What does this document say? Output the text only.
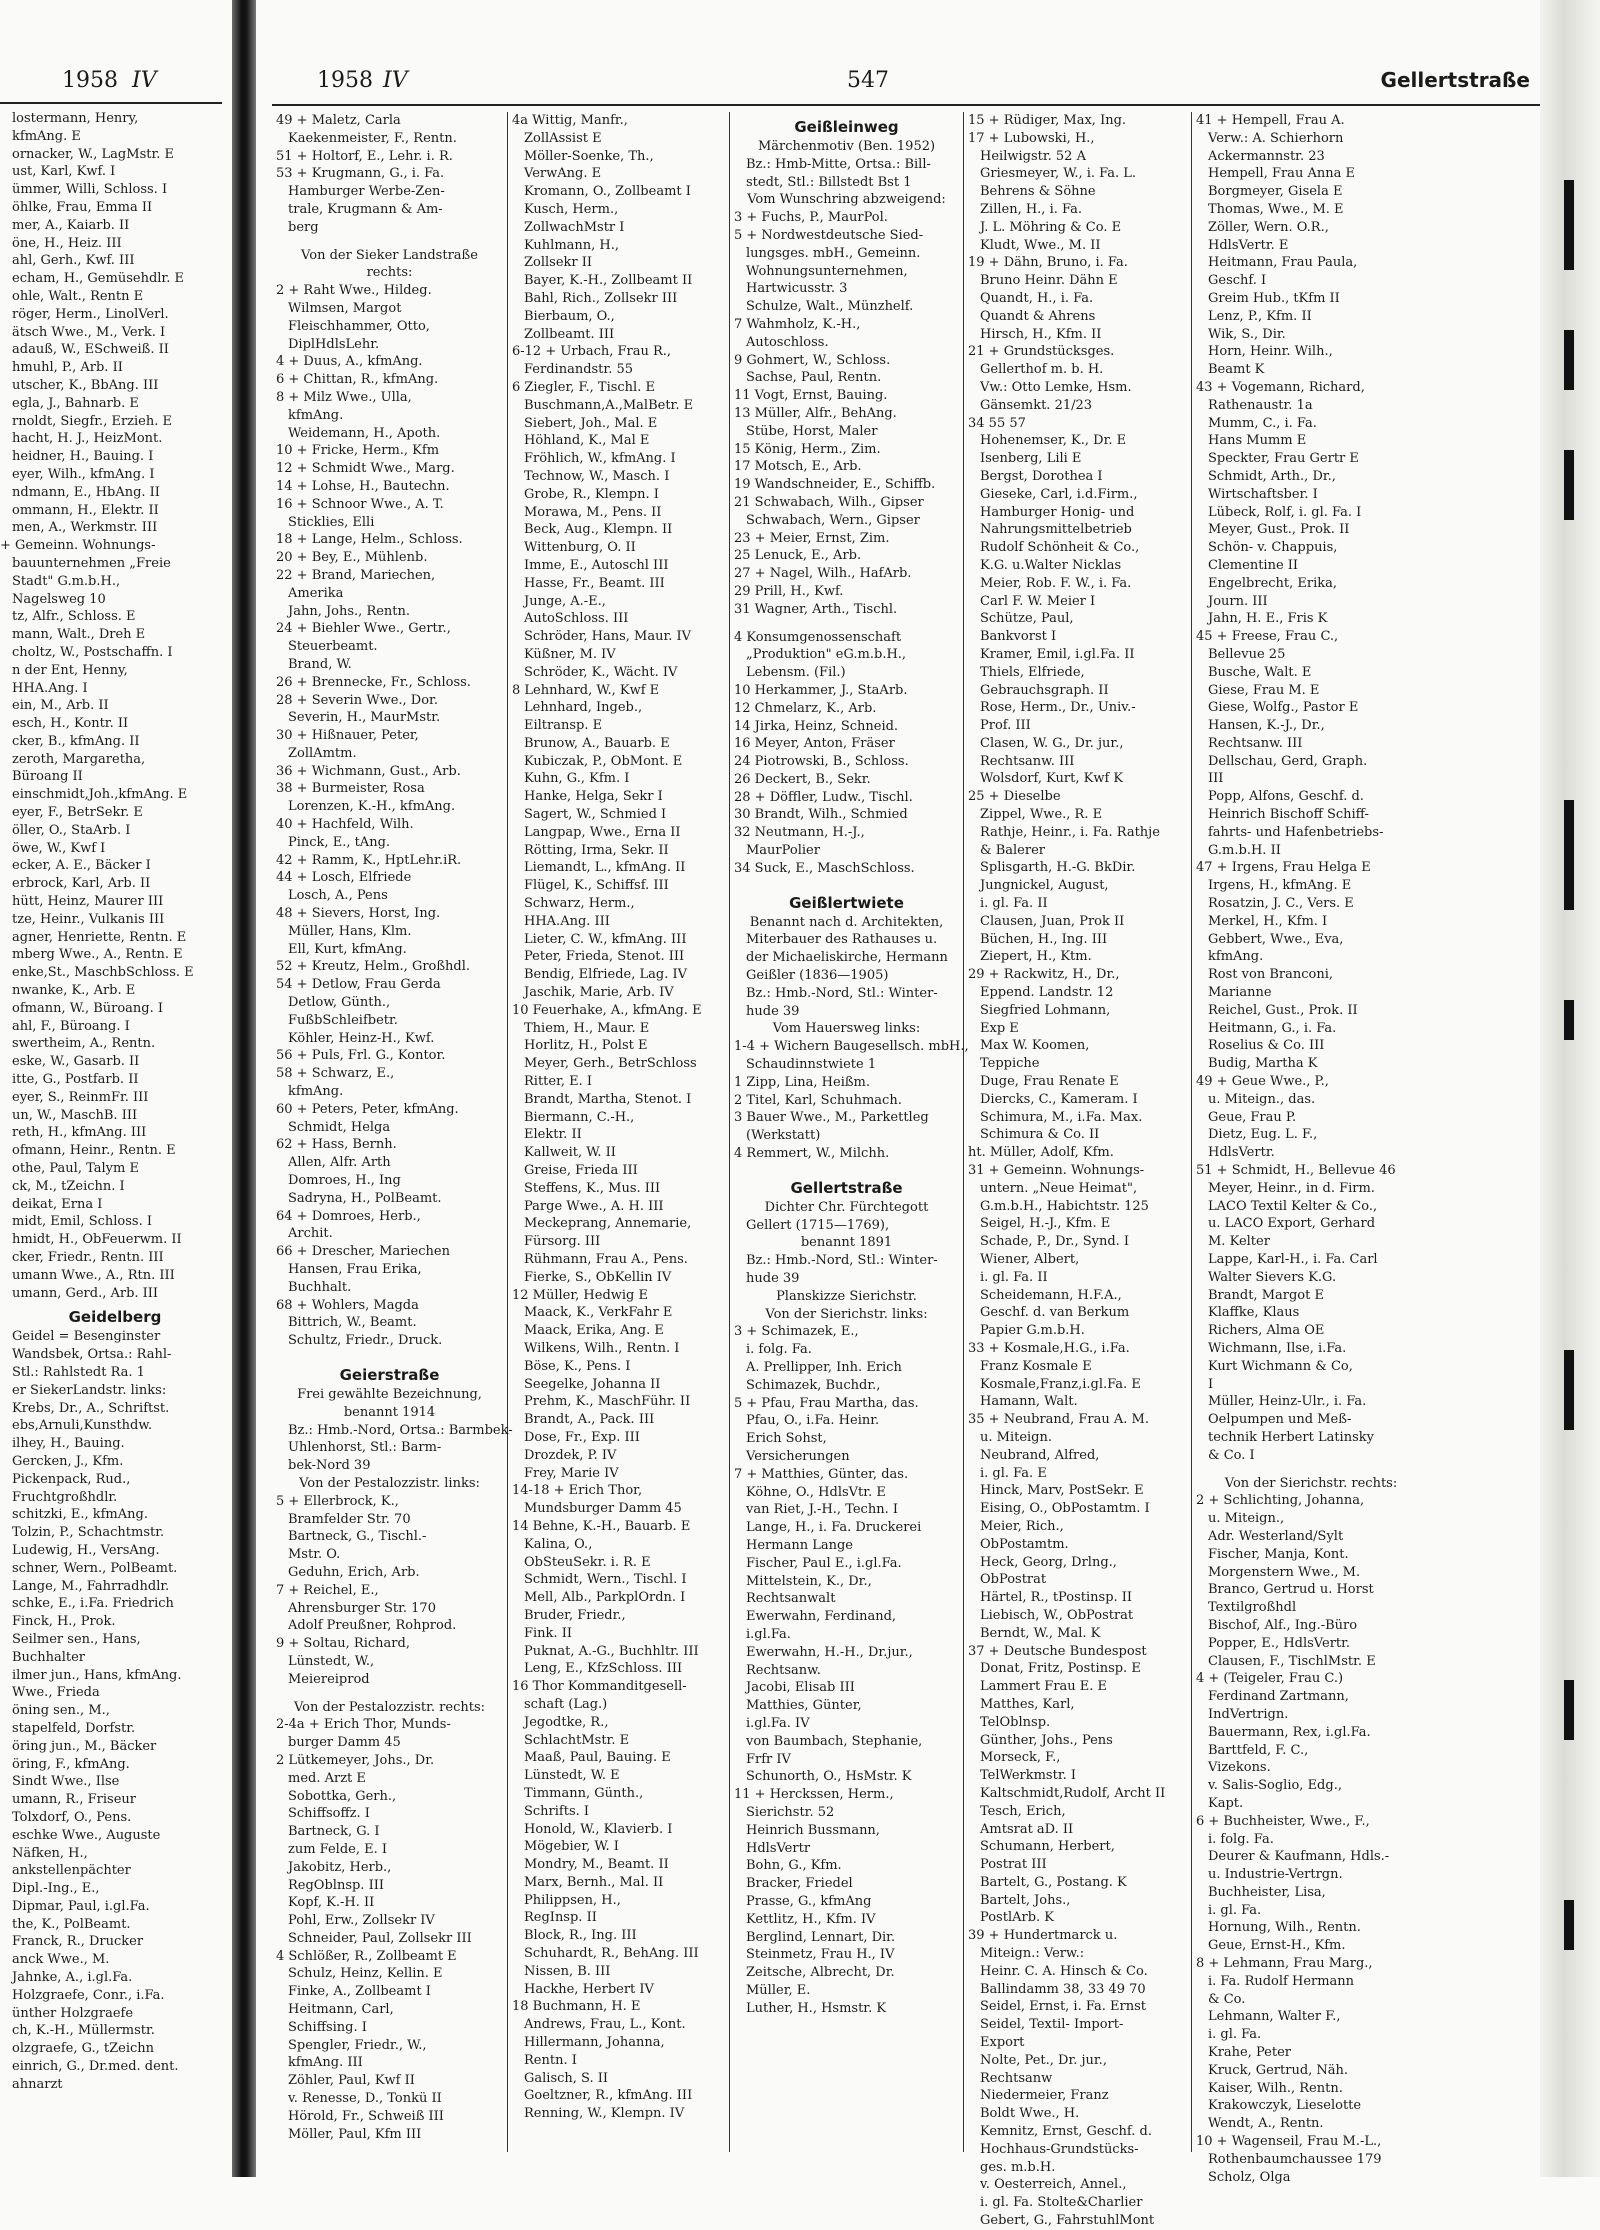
1958 IV
lostermann, Henry,
kfmAng. E
ornacker, W., LagMstr. E
ust, Karl, Kwf. I
ümmer, Willi, Schloss. I
öhlke, Frau, Emma II
mer, A., Kaiarb. II
öne, H., Heiz. III
ahl, Gerh., Kwf. III
echam, H., Gemüsehdlr. E
ohle, Walt., Rentn E
röger, Herm., LinolVerl.
ätsch Wwe., M., Verk. I
adauß, W., ESchweiß. II
hmuhl, P., Arb. II
utscher, K., BbAng. III
egla, J., Bahnarb. E
rnoldt, Siegfr., Erzieh. E
hacht, H. J., HeizMont.
heidner, H., Bauing. I
eyer, Wilh., kfmAng. I
ndmann, E., HbAng. II
ommann, H., Elektr. II
men, A., Werkmstr. III
+ Gemeinn. Wohnungs-
bauunternehmen „Freie
Stadt" G.m.b.H.,
Nagelsweg 10
tz, Alfr., Schloss. E
mann, Walt., Dreh E
choltz, W., Postschaffn. I
n der Ent, Henny,
HHA.Ang. I
ein, M., Arb. II
esch, H., Kontr. II
cker, B., kfmAng. II
zeroth, Margaretha,
Büroang II
einschmidt,Joh.,kfmAng. E
eyer, F., BetrSekr. E
öller, O., StaArb. I
öwe, W., Kwf I
ecker, A. E., Bäcker I
erbrock, Karl, Arb. II
hütt, Heinz, Maurer III
tze, Heinr., Vulkanis III
agner, Henriette, Rentn. E
mberg Wwe., A., Rentn. E
enke,St., MaschbSchloss. E
nwanke, K., Arb. E
ofmann, W., Büroang. I
ahl, F., Büroang. I
swertheim, A., Rentn.
eske, W., Gasarb. II
itte, G., Postfarb. II
eyer, S., ReinmFr. III
un, W., MaschB. III
reth, H., kfmAng. III
ofmann, Heinr., Rentn. E
othe, Paul, Talym E
ck, M., tZeichn. I
deikat, Erna I
midt, Emil, Schloss. I
hmidt, H., ObFeuerwm. II
cker, Friedr., Rentn. III
umann Wwe., A., Rtn. III
umann, Gerd., Arb. III
Geidelberg
Geidel = Besenginster
Wandsbek, Ortsa.: Rahl-
Stl.: Rahlstedt Ra. 1
er SiekerLandstr. links:
Krebs, Dr., A., Schriftst.
ebs,Arnuli,Kunsthdw.
ilhey, H., Bauing.
Gercken, J., Kfm.
Pickenpack, Rud.,
Fruchtgroßhdlr.
schitzki, E., kfmAng.
Tolzin, P., Schachtmstr.
Ludewig, H., VersAng.
schner, Wern., PolBeamt.
Lange, M., Fahrradhdlr.
schke, E., i.Fa. Friedrich
Finck, H., Prok.
Seilmer sen., Hans,
Buchhalter
ilmer jun., Hans, kfmAng.
Wwe., Frieda
öning sen., M.,
stapelfeld, Dorfstr.
öring jun., M., Bäcker
öring, F., kfmAng.
Sindt Wwe., Ilse
umann, R., Friseur
Tolxdorf, O., Pens.
eschke Wwe., Auguste
Näfken, H.,
ankstellenpächter
Dipl.-Ing., E.,
Dipmar, Paul, i.gl.Fa.
the, K., PolBeamt.
Franck, R., Drucker
anck Wwe., M.
Jahnke, A., i.gl.Fa.
Holzgraefe, Conr., i.Fa.
ünther Holzgraefe
ch, K.-H., Müllermstr.
olzgraefe, G., tZeichn
einrich, G., Dr.med. dent.
ahnarzt
1958 IV	547	Gellertstraße
49 + Maletz, Carla
Kaekenmeister, F., Rentn.
51 + Holtorf, E., Lehr. i. R.
53 + Krugmann, G., i. Fa.
Hamburger Werbe-Zen-
trale, Krugmann & Am-
berg
Von der Sieker Landstraße
rechts:
2 + Raht Wwe., Hildeg.
Wilmsen, Margot
Fleischhammer, Otto,
DiplHdlsLehr.
4 + Duus, A., kfmAng.
6 + Chittan, R., kfmAng.
8 + Milz Wwe., Ulla,
kfmAng.
Weidemann, H., Apoth.
10 + Fricke, Herm., Kfm
12 + Schmidt Wwe., Marg.
14 + Lohse, H., Bautechn.
16 + Schnoor Wwe., A. T.
Sticklies, Elli
18 + Lange, Helm., Schloss.
20 + Bey, E., Mühlenb.
22 + Brand, Mariechen,
Amerika
Jahn, Johs., Rentn.
24 + Biehler Wwe., Gertr.,
Steuerbeamt.
Brand, W.
26 + Brennecke, Fr., Schloss.
28 + Severin Wwe., Dor.
Severin, H., MaurMstr.
30 + Hißnauer, Peter,
ZollAmtm.
36 + Wichmann, Gust., Arb.
38 + Burmeister, Rosa
Lorenzen, K.-H., kfmAng.
40 + Hachfeld, Wilh.
Pinck, E., tAng.
42 + Ramm, K., HptLehr.iR.
44 + Losch, Elfriede
Losch, A., Pens
48 + Sievers, Horst, Ing.
Müller, Hans, Klm.
Ell, Kurt, kfmAng.
52 + Kreutz, Helm., Großhdl.
54 + Detlow, Frau Gerda
Detlow, Günth.,
FußbSchleifbetr.
Köhler, Heinz-H., Kwf.
56 + Puls, Frl. G., Kontor.
58 + Schwarz, E.,
kfmAng.
60 + Peters, Peter, kfmAng.
Schmidt, Helga
62 + Hass, Bernh.
Allen, Alfr. Arth
Domroes, H., Ing
Sadryna, H., PolBeamt.
64 + Domroes, Herb.,
Archit.
66 + Drescher, Mariechen
Hansen, Frau Erika,
Buchhalt.
68 + Wohlers, Magda
Bittrich, W., Beamt.
Schultz, Friedr., Druck.
Geierstraße
Frei gewählte Bezeichnung,
benannt 1914
Bz.: Hmb.-Nord, Ortsa.: Barmbek-
Uhlenhorst, Stl.: Barm-
bek-Nord 39
Von der Pestalozzistr. links:
5 + Ellerbrock, K.,
Bramfelder Str. 70
Bartneck, G., Tischl.-
Mstr. O.
Geduhn, Erich, Arb.
7 + Reichel, E.,
Ahrensburger Str. 170
Adolf Preußner, Rohprod.
9 + Soltau, Richard,
Lünstedt, W.,
Meiereiprod
Von der Pestalozzistr. rechts:
2-4a + Erich Thor, Munds-
burger Damm 45
2 Lütkemeyer, Johs., Dr.
med. Arzt E
Sobottka, Gerh.,
Schiffsoffz. I
Bartneck, G. I
zum Felde, E. I
Jakobitz, Herb.,
RegOblnsp. III
Kopf, K.-H. II
Pohl, Erw., Zollsekr IV
Schneider, Paul, Zollsekr III
4 Schlößer, R., Zollbeamt E
Schulz, Heinz, Kellin. E
Finke, A., Zollbeamt I
Heitmann, Carl,
Schiffsing. I
Spengler, Friedr., W.,
kfmAng. III
Zöhler, Paul, Kwf II
v. Renesse, D., Tonkü II
Hörold, Fr., Schweiß III
Möller, Paul, Kfm III
4a Wittig, Manfr.,
ZollAssist E
Möller-Soenke, Th.,
VerwAng. E
Kromann, O., Zollbeamt I
Kusch, Herm.,
ZollwachMstr I
Kuhlmann, H.,
Zollsekr II
Bayer, K.-H., Zollbeamt II
Bahl, Rich., Zollsekr III
Bierbaum, O.,
Zollbeamt. III
6-12 + Urbach, Frau R.,
Ferdinandstr. 55
6 Ziegler, F., Tischl. E
Buschmann,A.,MalBetr. E
Siebert, Joh., Mal. E
Höhland, K., Mal E
Fröhlich, W., kfmAng. I
Technow, W., Masch. I
Grobe, R., Klempn. I
Morawa, M., Pens. II
Beck, Aug., Klempn. II
Wittenburg, O. II
Imme, E., Autoschl III
Hasse, Fr., Beamt. III
Junge, A.-E.,
AutoSchloss. III
Schröder, Hans, Maur. IV
Küßner, M. IV
Schröder, K., Wächt. IV
8 Lehnhard, W., Kwf E
Lehnhard, Ingeb.,
Eiltransp. E
Brunow, A., Bauarb. E
Kubiczak, P., ObMont. E
Kuhn, G., Kfm. I
Hanke, Helga, Sekr I
Sagert, W., Schmied I
Langpap, Wwe., Erna II
Rötting, Irma, Sekr. II
Liemandt, L., kfmAng. II
Flügel, K., Schiffsf. III
Schwarz, Herm.,
HHA.Ang. III
Lieter, C. W., kfmAng. III
Peter, Frieda, Stenot. III
Bendig, Elfriede, Lag. IV
Jaschik, Marie, Arb. IV
10 Feuerhake, A., kfmAng. E
Thiem, H., Maur. E
Horlitz, H., Polst E
Meyer, Gerh., BetrSchloss
Ritter, E. I
Brandt, Martha, Stenot. I
Biermann, C.-H.,
Elektr. II
Kallweit, W. II
Greise, Frieda III
Steffens, K., Mus. III
Parge Wwe., A. H. III
Meckeprang, Annemarie,
Fürsorg. III
Rühmann, Frau A., Pens.
Fierke, S., ObKellin IV
12 Müller, Hedwig E
Maack, K., VerkFahr E
Maack, Erika, Ang. E
Wilkens, Wilh., Rentn. I
Böse, K., Pens. I
Seegelke, Johanna II
Prehm, K., MaschFühr. II
Brandt, A., Pack. III
Dose, Fr., Exp. III
Drozdek, P. IV
Frey, Marie IV
14-18 + Erich Thor,
Mundsburger Damm 45
14 Behne, K.-H., Bauarb. E
Kalina, O.,
ObSteuSekr. i. R. E
Schmidt, Wern., Tischl. I
Mell, Alb., ParkplOrdn. I
Bruder, Friedr.,
Fink. II
Puknat, A.-G., Buchhltr. III
Leng, E., KfzSchloss. III
16 Thor Kommanditgesell-
schaft (Lag.)
Jegodtke, R.,
SchlachtMstr. E
Maaß, Paul, Bauing. E
Lünstedt, W. E
Timmann, Günth.,
Schrifts. I
Honold, W., Klavierb. I
Mögebier, W. I
Mondry, M., Beamt. II
Marx, Bernh., Mal. II
Philippsen, H.,
RegInsp. II
Block, R., Ing. III
Schuhardt, R., BehAng. III
Nissen, B. III
Hackhe, Herbert IV
18 Buchmann, H. E
Andrews, Frau, L., Kont.
Hillermann, Johanna,
Rentn. I
Galisch, S. II
Goeltzner, R., kfmAng. III
Renning, W., Klempn. IV
Geißleinweg
Märchenmotiv (Ben. 1952)
Bz.: Hmb-Mitte, Ortsa.: Bill-
stedt, Stl.: Billstedt Bst 1
Vom Wunschring abzweigend:
3 + Fuchs, P., MaurPol.
5 + Nordwestdeutsche Sied-
lungsges. mbH., Gemeinn.
Wohnungsunternehmen,
Hartwicusstr. 3
Schulze, Walt., Münzhelf.
7 Wahmholz, K.-H.,
Autoschloss.
9 Gohmert, W., Schloss.
Sachse, Paul, Rentn.
11 Vogt, Ernst, Bauing.
13 Müller, Alfr., BehAng.
Stübe, Horst, Maler
15 König, Herm., Zim.
17 Motsch, E., Arb.
19 Wandschneider, E., Schiffb.
21 Schwabach, Wilh., Gipser
Schwabach, Wern., Gipser
23 + Meier, Ernst, Zim.
25 Lenuck, E., Arb.
27 + Nagel, Wilh., HafArb.
29 Prill, H., Kwf.
31 Wagner, Arth., Tischl.
4 Konsumgenossenschaft
„Produktion" eG.m.b.H.,
Lebensm. (Fil.)
10 Herkammer, J., StaArb.
12 Chmelarz, K., Arb.
14 Jirka, Heinz, Schneid.
16 Meyer, Anton, Fräser
24 Piotrowski, B., Schloss.
26 Deckert, B., Sekr.
28 + Döffler, Ludw., Tischl.
30 Brandt, Wilh., Schmied
32 Neutmann, H.-J.,
MaurPolier
34 Suck, E., MaschSchloss.
Geißlertwiete
Benannt nach d. Architekten,
Miterbauer des Rathauses u.
der Michaeliskirche, Hermann
Geißler (1836—1905)
Bz.: Hmb.-Nord, Stl.: Winter-
hude 39
Vom Hauersweg links:
1-4 + Wichern Baugesellsch. mbH.,
Schaudinnstwiete 1
1 Zipp, Lina, Heißm.
2 Titel, Karl, Schuhmach.
3 Bauer Wwe., M., Parkettleg
(Werkstatt)
4 Remmert, W., Milchh.
Gellertstraße
Dichter Chr. Fürchtegott
Gellert (1715—1769),
benannt 1891
Bz.: Hmb.-Nord, Stl.: Winter-
hude 39
Planskizze Sierichstr.
Von der Sierichstr. links:
3 + Schimazek, E.,
i. folg. Fa.
A. Prellipper, Inh. Erich
Schimazek, Buchdr.,
5 + Pfau, Frau Martha, das.
Pfau, O., i.Fa. Heinr.
Erich Sohst,
Versicherungen
7 + Matthies, Günter, das.
Köhne, O., HdlsVtr. E
van Riet, J.-H., Techn. I
Lange, H., i. Fa. Druckerei
Hermann Lange
Fischer, Paul E., i.gl.Fa.
Mittelstein, K., Dr.,
Rechtsanwalt
Ewerwahn, Ferdinand,
i.gl.Fa.
Ewerwahn, H.-H., Dr.jur.,
Rechtsanw.
Jacobi, Elisab III
Matthies, Günter,
i.gl.Fa. IV
von Baumbach, Stephanie,
Frfr IV
Schunorth, O., HsMstr. K
11 + Herckssen, Herm.,
Sierichstr. 52
Heinrich Bussmann,
HdlsVertr
Bohn, G., Kfm.
Bracker, Friedel
Prasse, G., kfmAng
Kettlitz, H., Kfm. IV
Berglind, Lennart, Dir.
Steinmetz, Frau H., IV
Zeitsche, Albrecht, Dr.
Müller, E.
Luther, H., Hsmstr. K
15 + Rüdiger, Max, Ing.
17 + Lubowski, H.,
Heilwigstr. 52 A
Griesmeyer, W., i. Fa. L.
Behrens & Söhne
Zillen, H., i. Fa.
J. L. Möhring & Co. E
Kludt, Wwe., M. II
19 + Dähn, Bruno, i. Fa.
Bruno Heinr. Dähn E
Quandt, H., i. Fa.
Quandt & Ahrens
Hirsch, H., Kfm. II
21 + Grundstücksges.
Gellerthof m. b. H.
Vw.: Otto Lemke, Hsm.
Gänsemkt. 21/23
34 55 57
Hohenemser, K., Dr. E
Isenberg, Lili E
Bergst, Dorothea I
Gieseke, Carl, i.d.Firm.,
Hamburger Honig- und
Nahrungsmittelbetrieb
Rudolf Schönheit & Co.,
K.G. u.Walter Nicklas
Meier, Rob. F. W., i. Fa.
Carl F. W. Meier I
Schütze, Paul,
Bankvorst I
Kramer, Emil, i.gl.Fa. II
Thiels, Elfriede,
Gebrauchsgraph. II
Rose, Herm., Dr., Univ.-
Prof. III
Clasen, W. G., Dr. jur.,
Rechtsanw. III
Wolsdorf, Kurt, Kwf K
25 + Dieselbe
Zippel, Wwe., R. E
Rathje, Heinr., i. Fa. Rathje
& Balerer
Splisgarth, H.-G. BkDir.
Jungnickel, August,
i. gl. Fa. II
Clausen, Juan, Prok II
Büchen, H., Ing. III
Ziepert, H., Ktm.
29 + Rackwitz, H., Dr.,
Eppend. Landstr. 12
Siegfried Lohmann,
Exp E
Max W. Koomen,
Teppiche
Duge, Frau Renate E
Diercks, C., Kameram. I
Schimura, M., i.Fa. Max.
Schimura & Co. II
ht. Müller, Adolf, Kfm.
31 + Gemeinn. Wohnungs-
untern. „Neue Heimat",
G.m.b.H., Habichtstr. 125
Seigel, H.-J., Kfm. E
Schade, P., Dr., Synd. I
Wiener, Albert,
i. gl. Fa. II
Scheidemann, H.F.A.,
Geschf. d. van Berkum
Papier G.m.b.H.
33 + Kosmale,H.G., i.Fa.
Franz Kosmale E
Kosmale,Franz,i.gl.Fa. E
Hamann, Walt.
35 + Neubrand, Frau A. M.
u. Miteign.
Neubrand, Alfred,
i. gl. Fa. E
Hinck, Marv, PostSekr. E
Eising, O., ObPostamtm. I
Meier, Rich.,
ObPostamtm.
Heck, Georg, Drlng.,
ObPostrat
Härtel, R., tPostinsp. II
Liebisch, W., ObPostrat
Berndt, W., Mal. K
37 + Deutsche Bundespost
Donat, Fritz, Postinsp. E
Lammert Frau E. E
Matthes, Karl,
TelOblnsp.
Günther, Johs., Pens
Morseck, F.,
TelWerkmstr. I
Kaltschmidt,Rudolf, Archt II
Tesch, Erich,
Amtsrat aD. II
Schumann, Herbert,
Postrat III
Bartelt, G., Postang. K
Bartelt, Johs.,
PostlArb. K
39 + Hundertmarck u.
Miteign.: Verw.:
Heinr. C. A. Hinsch & Co.
Ballindamm 38, 33 49 70
Seidel, Ernst, i. Fa. Ernst
Seidel, Textil- Import-
Export
Nolte, Pet., Dr. jur.,
Rechtsanw
Niedermeier, Franz
Boldt Wwe., H.
Kemnitz, Ernst, Geschf. d.
Hochhaus-Grundstücks-
ges. m.b.H.
v. Oesterreich, Annel.,
i. gl. Fa. Stolte&Charlier
Gebert, G., FahrstuhlMont
41 + Hempell, Frau A.
Verw.: A. Schierhorn
Ackermannstr. 23
Hempell, Frau Anna E
Borgmeyer, Gisela E
Thomas, Wwe., M. E
Zöller, Wern. O.R.,
HdlsVertr. E
Heitmann, Frau Paula,
Geschf. I
Greim Hub., tKfm II
Lenz, P., Kfm. II
Wik, S., Dir.
Horn, Heinr. Wilh.,
Beamt K
43 + Vogemann, Richard,
Rathenaustr. 1a
Mumm, C., i. Fa.
Hans Mumm E
Speckter, Frau Gertr E
Schmidt, Arth., Dr.,
Wirtschaftsber. I
Lübeck, Rolf, i. gl. Fa. I
Meyer, Gust., Prok. II
Schön- v. Chappuis,
Clementine II
Engelbrecht, Erika,
Journ. III
Jahn, H. E., Fris K
45 + Freese, Frau C.,
Bellevue 25
Busche, Walt. E
Giese, Frau M. E
Giese, Wolfg., Pastor E
Hansen, K.-J., Dr.,
Rechtsanw. III
Dellschau, Gerd, Graph.
III
Popp, Alfons, Geschf. d.
Heinrich Bischoff Schiff-
fahrts- und Hafenbetriebs-
G.m.b.H. II
47 + Irgens, Frau Helga E
Irgens, H., kfmAng. E
Rosatzin, J. C., Vers. E
Merkel, H., Kfm. I
Gebbert, Wwe., Eva,
kfmAng.
Rost von Branconi,
Marianne
Reichel, Gust., Prok. II
Heitmann, G., i. Fa.
Roselius & Co. III
Budig, Martha K
49 + Geue Wwe., P.,
u. Miteign., das.
Geue, Frau P.
Dietz, Eug. L. F.,
HdlsVertr.
51 + Schmidt, H., Bellevue 46
Meyer, Heinr., in d. Firm.
LACO Textil Kelter & Co.,
u. LACO Export, Gerhard
M. Kelter
Lappe, Karl-H., i. Fa. Carl
Walter Sievers K.G.
Brandt, Margot E
Klaffke, Klaus
Richers, Alma OE
Wichmann, Ilse, i.Fa.
Kurt Wichmann & Co,
I
Müller, Heinz-Ulr., i. Fa.
Oelpumpen und Meß-
technik Herbert Latinsky
& Co. I
Von der Sierichstr. rechts:
2 + Schlichting, Johanna,
u. Miteign.,
Adr. Westerland/Sylt
Fischer, Manja, Kont.
Morgenstern Wwe., M.
Branco, Gertrud u. Horst
Textilgroßhdl
Bischof, Alf., Ing.-Büro
Popper, E., HdlsVertr.
Clausen, F., TischlMstr. E
4 + (Teigeler, Frau C.)
Ferdinand Zartmann,
IndVertrign.
Bauermann, Rex, i.gl.Fa.
Barttfeld, F. C.,
Vizekons.
v. Salis-Soglio, Edg.,
Kapt.
6 + Buchheister, Wwe., F.,
i. folg. Fa.
Deurer & Kaufmann, Hdls.-
u. Industrie-Vertrgn.
Buchheister, Lisa,
i. gl. Fa.
Hornung, Wilh., Rentn.
Geue, Ernst-H., Kfm.
8 + Lehmann, Frau Marg.,
i. Fa. Rudolf Hermann
& Co.
Lehmann, Walter F.,
i. gl. Fa.
Krahe, Peter
Kruck, Gertrud, Näh.
Kaiser, Wilh., Rentn.
Krakowczyk, Lieselotte
Wendt, A., Rentn.
10 + Wagenseil, Frau M.-L.,
Rothenbaumchaussee 179
Scholz, Olga
